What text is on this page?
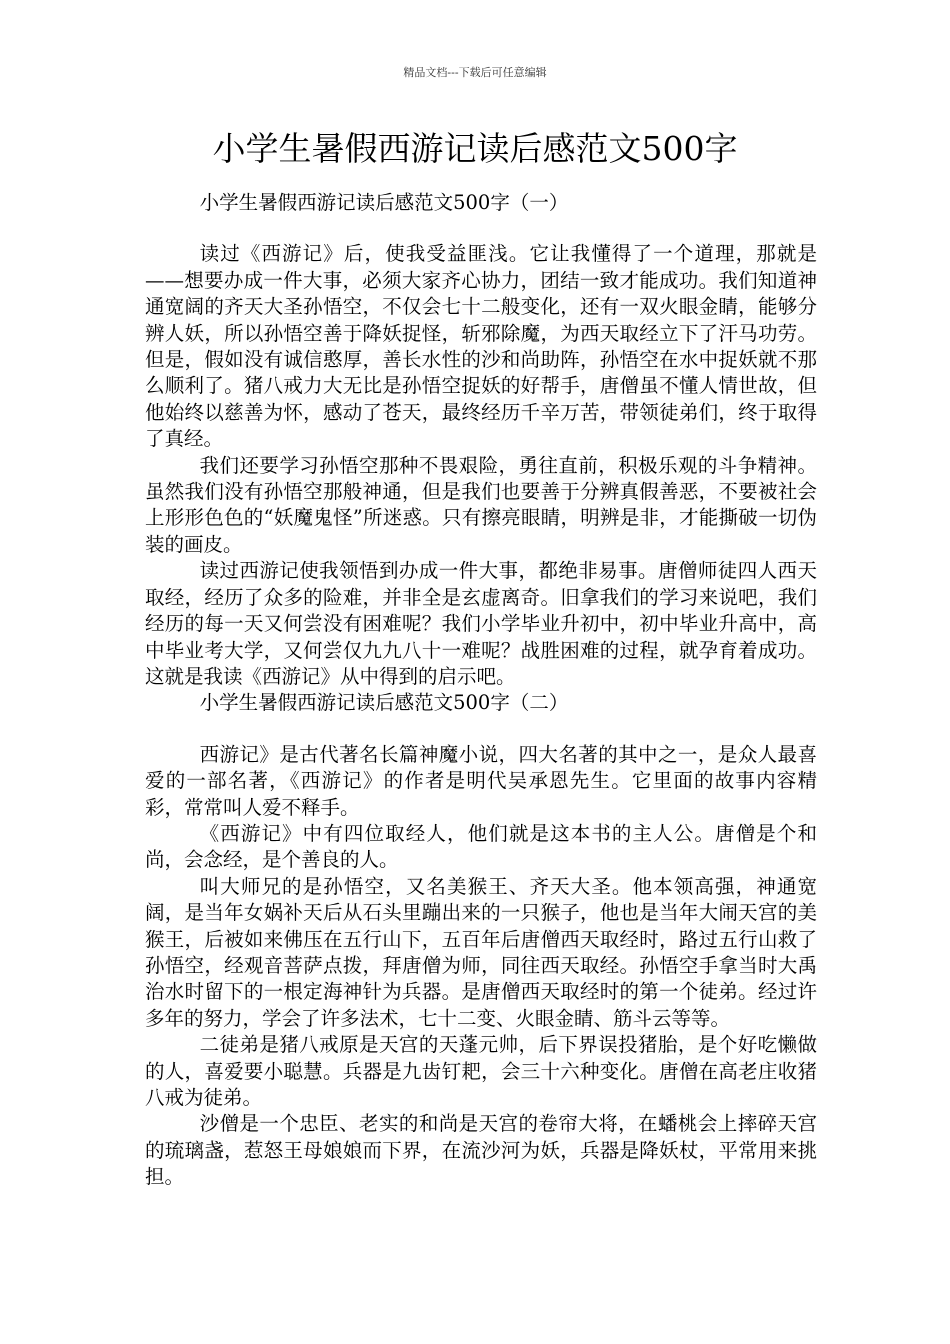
精品文档---下载后可任意编辑
小学生暑假西游记读后感范文500字

小学生暑假西游记读后感范文500字（一）

读过《西游记》后，使我受益匪浅。它让我懂得了一个道理，那就是——想要办成一件大事，必须大家齐心协力，团结一致才能成功。我们知道神通宽阔的齐天大圣孙悟空，不仅会七十二般变化，还有一双火眼金睛，能够分辨人妖，所以孙悟空善于降妖捉怪，斩邪除魔，为西天取经立下了汗马功劳。但是，假如没有诚信憨厚，善长水性的沙和尚助阵，孙悟空在水中捉妖就不那么顺利了。猪八戒力大无比是孙悟空捉妖的好帮手，唐僧虽不懂人情世故，但他始终以慈善为怀，感动了苍天，最终经历千辛万苦，带领徒弟们，终于取得了真经。

我们还要学习孙悟空那种不畏艰险，勇往直前，积极乐观的斗争精神。虽然我们没有孙悟空那般神通，但是我们也要善于分辨真假善恶，不要被社会上形形色色的“妖魔鬼怪”所迷惑。只有擦亮眼睛，明辨是非，才能撕破一切伪装的画皮。

读过西游记使我领悟到办成一件大事，都绝非易事。唐僧师徒四人西天取经，经历了众多的险难，并非全是玄虚离奇。旧拿我们的学习来说吧，我们经历的每一天又何尝没有困难呢？我们小学毕业升初中，初中毕业升高中，高中毕业考大学，又何尝仅九九八十一难呢？战胜困难的过程，就孕育着成功。这就是我读《西游记》从中得到的启示吧。

小学生暑假西游记读后感范文500字（二）

西游记》是古代著名长篇神魔小说，四大名著的其中之一，是众人最喜爱的一部名著，《西游记》的作者是明代吴承恩先生。它里面的故事内容精彩，常常叫人爱不释手。

《西游记》中有四位取经人，他们就是这本书的主人公。唐僧是个和尚，会念经，是个善良的人。

叫大师兄的是孙悟空，又名美猴王、齐天大圣。他本领高强，神通宽阔，是当年女娲补天后从石头里蹦出来的一只猴子，他也是当年大闹天宫的美猴王，后被如来佛压在五行山下，五百年后唐僧西天取经时，路过五行山救了孙悟空，经观音菩萨点拨，拜唐僧为师，同往西天取经。孙悟空手拿当时大禹治水时留下的一根定海神针为兵器。是唐僧西天取经时的第一个徒弟。经过许多年的努力，学会了许多法术，七十二变、火眼金睛、筋斗云等等。

二徒弟是猪八戒原是天宫的天蓬元帅，后下界误投猪胎，是个好吃懒做的人，喜爱要小聪慧。兵器是九齿钉耙，会三十六种变化。唐僧在高老庄收猪八戒为徒弟。

沙僧是一个忠臣、老实的和尚是天宫的卷帘大将，在蟠桃会上摔碎天宫的琉璃盏，惹怒王母娘娘而下界，在流沙河为妖，兵器是降妖杖，平常用来挑担。
